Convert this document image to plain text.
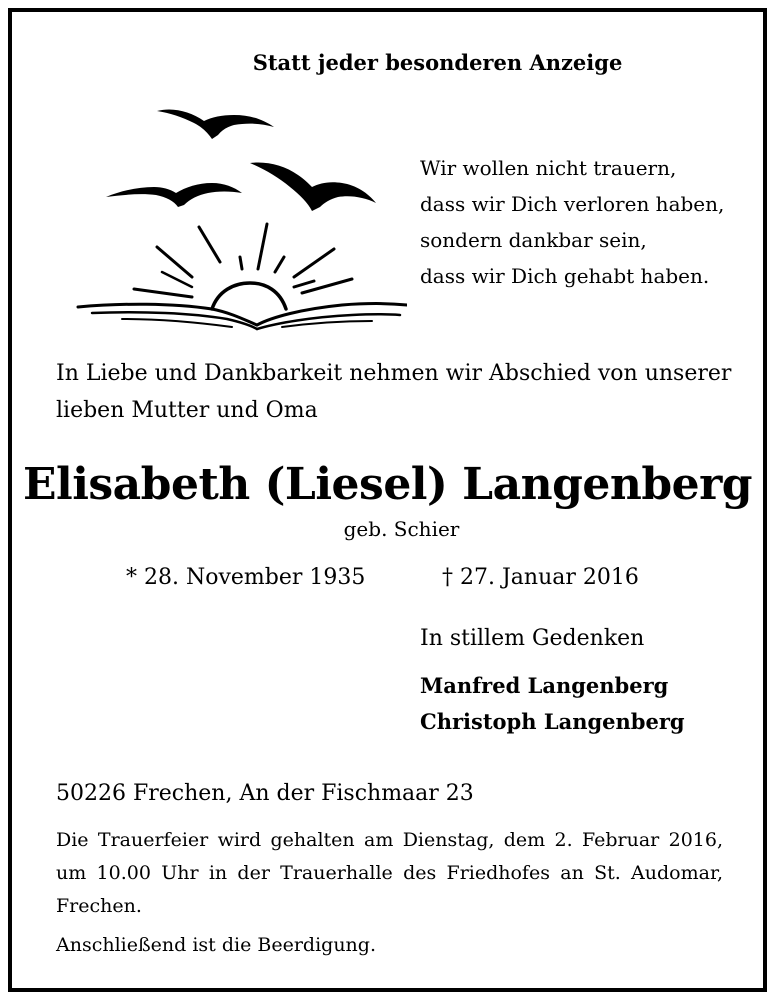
Statt jeder besonderen Anzeige
Wir wollen nicht trauern,
dass wir Dich verloren haben,
sondern dankbar sein,
dass wir Dich gehabt haben.
In Liebe und Dankbarkeit nehmen wir Abschied von unserer
lieben Mutter und Oma
Elisabeth (Liesel) Langenberg
geb. Schier
* 28. November 1935	† 27. Januar 2016
In stillem Gedenken
Manfred Langenberg
Christoph Langenberg
50226 Frechen, An der Fischmaar 23
Die Trauerfeier wird gehalten am Dienstag, dem 2. Februar 2016,
um 10.00 Uhr in der Trauerhalle des Friedhofes an St. Audomar,
Frechen.
Anschließend ist die Beerdigung.
